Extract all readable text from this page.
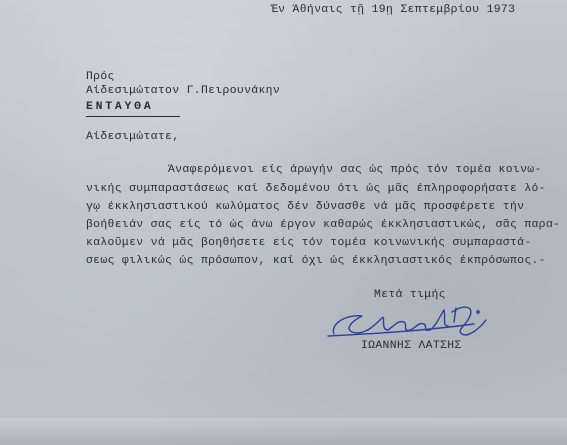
Έν Άθήναις τῇ 19ῃ Σεπτεμβρίου 1973
Πρός
Αίδεσιμώτατον Γ.Πειρουνάκην
ΕΝΤΑΥΘΑ
Αίδεσιμώτατε,
Άναφερόμενοι είς άρωγήν σας ώς πρός τόν τομέα κοινω-
νικής συμπαραστάσεως καί δεδομένου ότι ώς μᾶς έπληροφορήσατε λό-
γῳ έκκλησιαστικού κωλύματος δέν δύνασθε νά μᾶς προσφέρετε τήν
βοήθειάν σας είς τό ώς άνω έργον καθαρώς έκκλησιαστικώς, σᾶς παρα-
καλοῦμεν νά μᾶς βοηθήσετε είς τόν τομέα κοινωνικής συμπαραστά-
σεως φιλικώς ώς πρόσωπον, καί όχι ώς έκκλησιαστικός έκπρόσωπος.-
Μετά τιμής
ΙΩΑΝΝΗΣ ΛΑΤΣΗΣ
